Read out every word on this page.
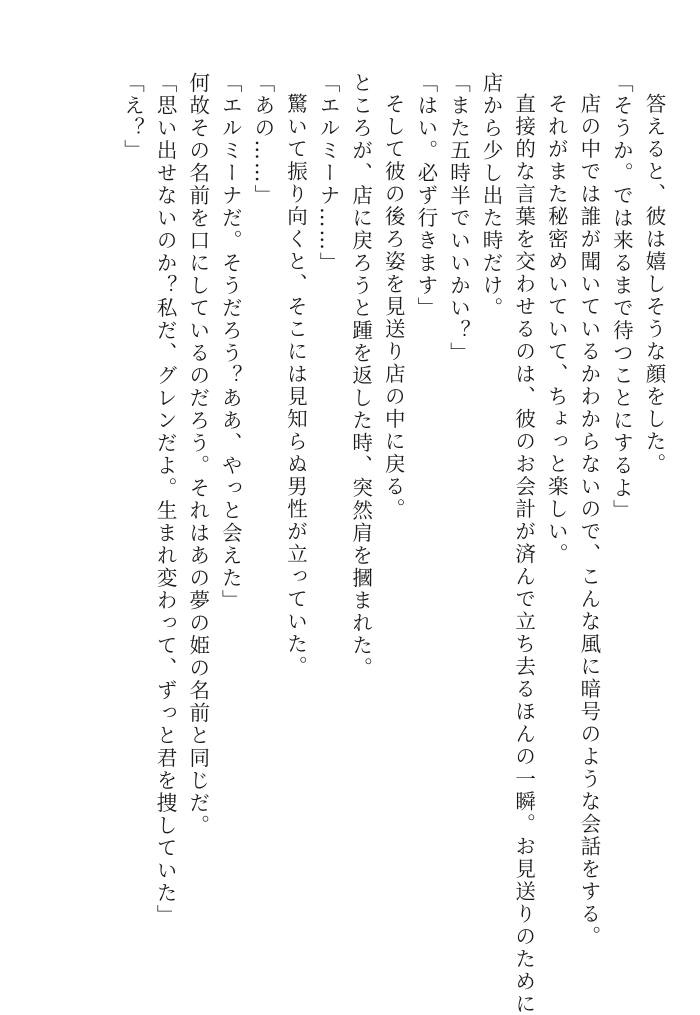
答えると、彼は嬉しそうな顔をした。
「そうか。では来るまで待つことにするよ」
店の中では誰が聞いているかわからないので、こんな風に暗号のような会話をする。
それがまた秘密めいていて、ちょっと楽しい。
直接的な言葉を交わせるのは、彼のお会計が済んで立ち去るほんの一瞬。お見送りのために
店から少し出た時だけ。
「また五時半でいいかい？」
「はい。必ず行きます」
そして彼の後ろ姿を見送り店の中に戻る。
ところが、店に戻ろうと踵を返した時、突然肩を摑まれた。
「エルミーナ……」
驚いて振り向くと、そこには見知らぬ男性が立っていた。
「あの……」
「エルミーナだ。そうだろう？ああ、やっと会えた」
何故その名前を口にしているのだろう。それはあの夢の姫の名前と同じだ。
「思い出せないのか？私だ、グレンだよ。生まれ変わって、ずっと君を捜していた」
「え？」
